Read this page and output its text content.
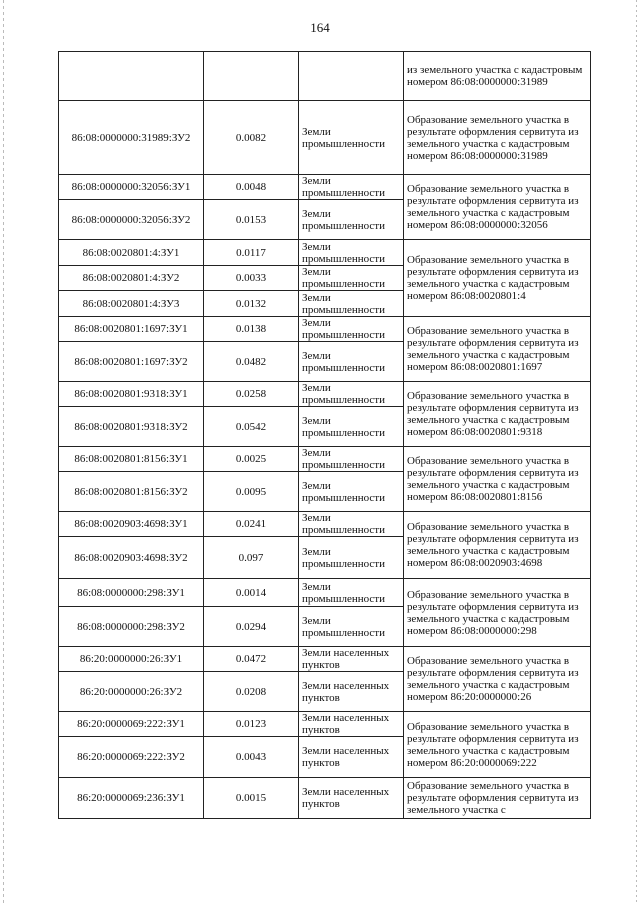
164
			из земельного участка с кадастровым номером 86:08:0000000:31989
86:08:0000000:31989:ЗУ2	0.0082	Земли промышленности	Образование земельного участка в результате оформления сервитута из земельного участка с кадастровым номером 86:08:0000000:31989
86:08:0000000:32056:ЗУ1	0.0048	Земли промышленности	Образование земельного участка в результате оформления сервитута из земельного участка с кадастровым номером 86:08:0000000:32056
86:08:0000000:32056:ЗУ2	0.0153	Земли промышленности	
86:08:0020801:4:ЗУ1	0.0117	Земли промышленности	Образование земельного участка в результате оформления сервитута из земельного участка с кадастровым номером 86:08:0020801:4
86:08:0020801:4:ЗУ2	0.0033	Земли промышленности	
86:08:0020801:4:ЗУ3	0.0132	Земли промышленности	
86:08:0020801:1697:ЗУ1	0.0138	Земли промышленности	Образование земельного участка в результате оформления сервитута из земельного участка с кадастровым номером 86:08:0020801:1697
86:08:0020801:1697:ЗУ2	0.0482	Земли промышленности	
86:08:0020801:9318:ЗУ1	0.0258	Земли промышленности	Образование земельного участка в результате оформления сервитута из земельного участка с кадастровым номером 86:08:0020801:9318
86:08:0020801:9318:ЗУ2	0.0542	Земли промышленности	
86:08:0020801:8156:ЗУ1	0.0025	Земли промышленности	Образование земельного участка в результате оформления сервитута из земельного участка с кадастровым номером 86:08:0020801:8156
86:08:0020801:8156:ЗУ2	0.0095	Земли промышленности	
86:08:0020903:4698:ЗУ1	0.0241	Земли промышленности	Образование земельного участка в результате оформления сервитута из земельного участка с кадастровым номером 86:08:0020903:4698
86:08:0020903:4698:ЗУ2	0.097	Земли промышленности	
86:08:0000000:298:ЗУ1	0.0014	Земли промышленности	Образование земельного участка в результате оформления сервитута из земельного участка с кадастровым номером 86:08:0000000:298
86:08:0000000:298:ЗУ2	0.0294	Земли промышленности	
86:20:0000000:26:ЗУ1	0.0472	Земли населенных пунктов	Образование земельного участка в результате оформления сервитута из земельного участка с кадастровым номером 86:20:0000000:26
86:20:0000000:26:ЗУ2	0.0208	Земли населенных пунктов	
86:20:0000069:222:ЗУ1	0.0123	Земли населенных пунктов	Образование земельного участка в результате оформления сервитута из земельного участка с кадастровым номером 86:20:0000069:222
86:20:0000069:222:ЗУ2	0.0043	Земли населенных пунктов	
86:20:0000069:236:ЗУ1	0.0015	Земли населенных пунктов	Образование земельного участка в результате оформления сервитута из земельного участка с
